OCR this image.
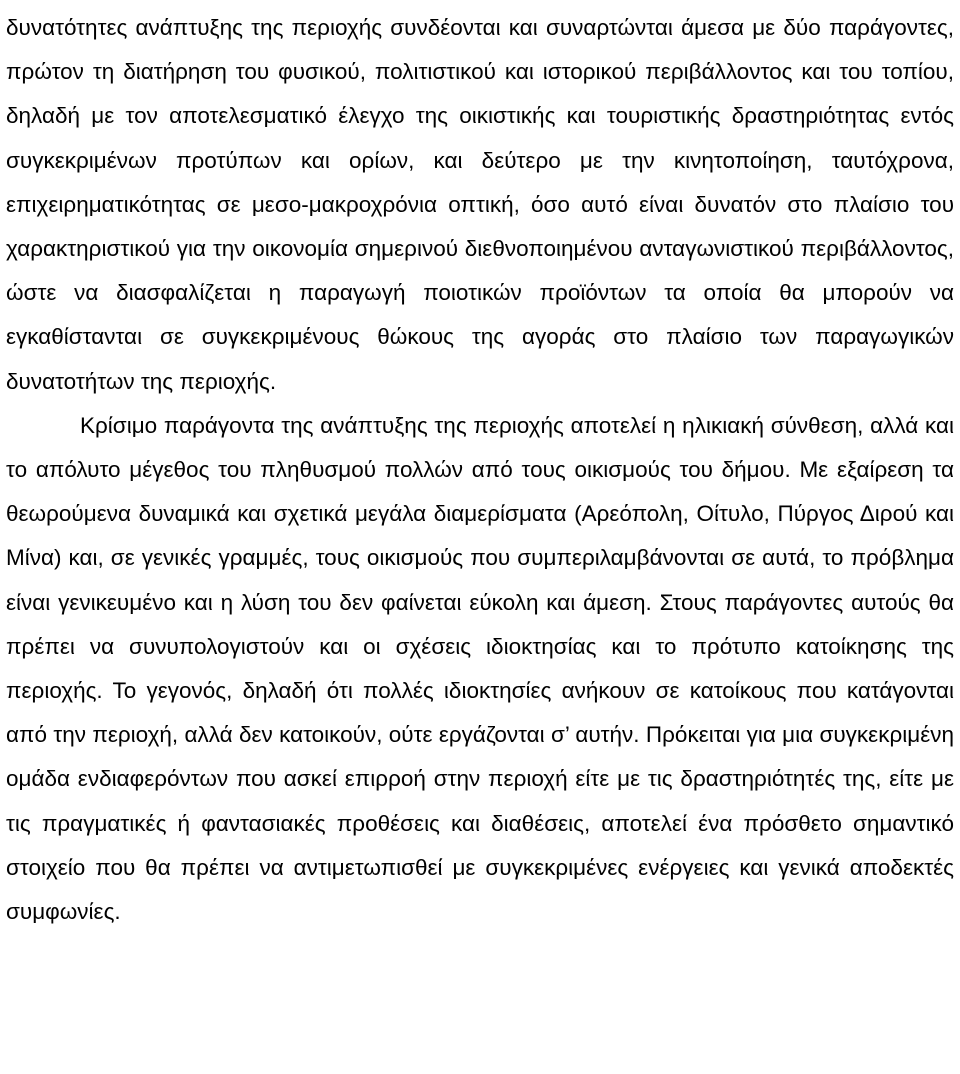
δυνατότητες ανάπτυξης της περιοχής συνδέονται και συναρτώνται άμεσα με δύο παράγοντες, πρώτον τη διατήρηση του φυσικού, πολιτιστικού και ιστορικού περιβάλλοντος και του τοπίου, δηλαδή με τον αποτελεσματικό έλεγχο της οικιστικής και τουριστικής δραστηριότητας εντός συγκεκριμένων προτύπων και ορίων, και δεύτερο με την κινητοποίηση, ταυτόχρονα, επιχειρηματικότητας σε μεσο-μακροχρόνια οπτική, όσο αυτό είναι δυνατόν στο πλαίσιο του χαρακτηριστικού για την οικονομία σημερινού διεθνοποιημένου ανταγωνιστικού περιβάλλοντος, ώστε να διασφαλίζεται η παραγωγή ποιοτικών προϊόντων τα οποία θα μπορούν να εγκαθίστανται σε συγκεκριμένους θώκους της αγοράς στο πλαίσιο των παραγωγικών δυνατοτήτων της περιοχής.

Κρίσιμο παράγοντα της ανάπτυξης της περιοχής αποτελεί η ηλικιακή σύνθεση, αλλά και το απόλυτο μέγεθος του πληθυσμού πολλών από τους οικισμούς του δήμου. Με εξαίρεση τα θεωρούμενα δυναμικά και σχετικά μεγάλα διαμερίσματα (Αρεόπολη, Οίτυλο, Πύργος Διρού και Μίνα) και, σε γενικές γραμμές, τους οικισμούς που συμπεριλαμβάνονται σε αυτά, το πρόβλημα είναι γενικευμένο και η λύση του δεν φαίνεται εύκολη και άμεση. Στους παράγοντες αυτούς θα πρέπει να συνυπολογιστούν και οι σχέσεις ιδιοκτησίας και το πρότυπο κατοίκησης της περιοχής. Το γεγονός, δηλαδή ότι πολλές ιδιοκτησίες ανήκουν σε κατοίκους που κατάγονται από την περιοχή, αλλά δεν κατοικούν, ούτε εργάζονται σ’ αυτήν. Πρόκειται για μια συγκεκριμένη ομάδα ενδιαφερόντων που ασκεί επιρροή στην περιοχή είτε με τις δραστηριότητές της, είτε με τις πραγματικές ή φαντασιακές προθέσεις και διαθέσεις, αποτελεί ένα πρόσθετο σημαντικό στοιχείο που θα πρέπει να αντιμετωπισθεί με συγκεκριμένες ενέργειες και γενικά αποδεκτές συμφωνίες.
